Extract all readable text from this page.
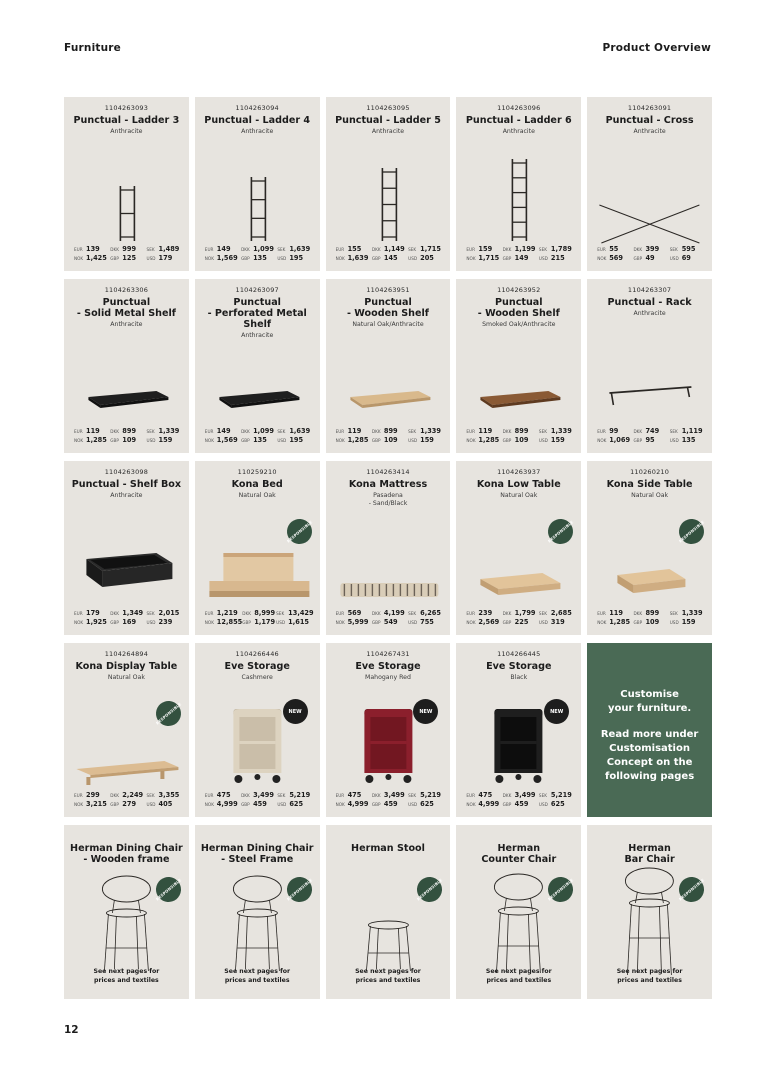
Furniture	Product Overview
1104263093
Punctual - Ladder 3
Anthracite
EUR 139	DKK 999	SEK 1,489
NOK 1,425 GBP 125	USD 179
1104263094
Punctual - Ladder 4
Anthracite
EUR 149	DKK 1,099 SEK 1,639
NOK 1,569 GBP 135	USD 195
1104263095
Punctual - Ladder 5
Anthracite
EUR 155	DKK 1,149 SEK 1,715
NOK 1,639 GBP 145	USD 205
1104263096
Punctual - Ladder 6
Anthracite
EUR 159	DKK 1,199 SEK 1,789
NOK 1,715 GBP 149	USD 215
1104263091
Punctual - Cross
Anthracite
EUR 55	DKK 399	SEK 595
NOK 569	GBP 49	USD 69
1104263306
Punctual
- Solid Metal Shelf
Anthracite
EUR 119	DKK 899	SEK 1,339
NOK 1,285 GBP 109	USD 159
1104263097
Punctual
- Perforated Metal
Shelf
Anthracite
EUR 149	DKK 1,099 SEK 1,639
NOK 1,569 GBP 135	USD 195
1104263951
Punctual
- Wooden Shelf
Natural Oak/Anthracite
EUR 119	DKK 899	SEK 1,339
NOK 1,285 GBP 109	USD 159
1104263952
Punctual
- Wooden Shelf
Smoked Oak/Anthracite
EUR 119	DKK 899	SEK 1,339
NOK 1,285 GBP 109	USD 159
1104263307
Punctual - Rack
Anthracite
EUR 99	DKK 749	SEK 1,119
NOK 1,069 GBP 95	USD 135
1104263098
Punctual - Shelf Box
Anthracite
EUR 179	DKK 1,349 SEK 2,015
NOK 1,925 GBP 169	USD 239
110259210
Kona Bed
Natural Oak
RESPONSIBLE
EUR 1,219 DKK 8,999 SEK 13,429
NOK 12,855 GBP 1,179 USD 1,615
1104263414
Kona Mattress
Pasadena
- Sand/Black
EUR 569	DKK 4,199 SEK 6,265
NOK 5,999 GBP 549	USD 755
1104263937
Kona Low Table
Natural Oak
RESPONSIBLE
EUR 239	DKK 1,799 SEK 2,685
NOK 2,569 GBP 225	USD 319
110260210
Kona Side Table
Natural Oak
RESPONSIBLE
EUR 119	DKK 899	SEK 1,339
NOK 1,285 GBP 109	USD 159
1104264894
Kona Display Table
Natural Oak
RESPONSIBLE
EUR 299	DKK 2,249 SEK 3,355
NOK 3,215 GBP 279	USD 405
1104266446
Eve Storage
Cashmere
NEW
EUR 475	DKK 3,499 SEK 5,219
NOK 4,999 GBP 459	USD 625
1104267431
Eve Storage
Mahogany Red
NEW
EUR 475	DKK 3,499 SEK 5,219
NOK 4,999 GBP 459	USD 625
1104266445
Eve Storage
Black
NEW
EUR 475	DKK 3,499 SEK 5,219
NOK 4,999 GBP 459	USD 625
Customise
your furniture.
Read more under
Customisation
Concept on the
following pages
Herman Dining Chair
- Wooden frame
RESPONSIBLE
See next pages for
prices and textiles
Herman Dining Chair
- Steel Frame
RESPONSIBLE
See next pages for
prices and textiles
Herman Stool
RESPONSIBLE
See next pages for
prices and textiles
Herman
Counter Chair
RESPONSIBLE
See next pages for
prices and textiles
Herman
Bar Chair
RESPONSIBLE
See next pages for
prices and textiles
12
